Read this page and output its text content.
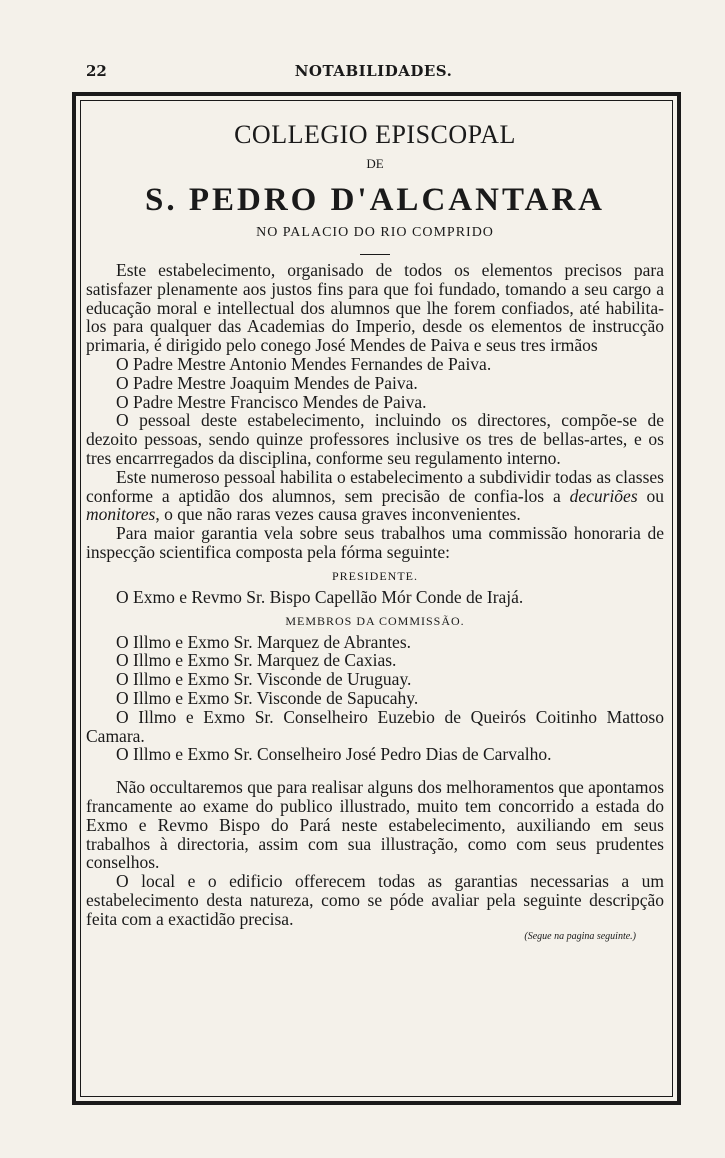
22	NOTABILIDADES.
COLLEGIO EPISCOPAL
DE
S. PEDRO D'ALCANTARA
NO PALACIO DO RIO COMPRIDO

Este estabelecimento, organisado de todos os elementos precisos para satisfazer plenamente aos justos fins para que foi fundado, tomando a seu cargo a educação moral e intellectual dos alumnos que lhe forem confiados, até habilita-los para qualquer das Academias do Imperio, desde os elementos de instrucção primaria, é dirigido pelo conego José Mendes de Paiva e seus tres irmãos

O Padre Mestre Antonio Mendes Fernandes de Paiva.

O Padre Mestre Joaquim Mendes de Paiva.

O Padre Mestre Francisco Mendes de Paiva.

O pessoal deste estabelecimento, incluindo os directores, compõe-se de dezoito pessoas, sendo quinze professores inclusive os tres de bellas-artes, e os tres encarrregados da disciplina, conforme seu regulamento interno.

Este numeroso pessoal habilita o estabelecimento a subdividir todas as classes conforme a aptidão dos alumnos, sem precisão de confia-los a decuriões ou monitores, o que não raras vezes causa graves inconvenientes.

Para maior garantia vela sobre seus trabalhos uma commissão honoraria de inspecção scientifica composta pela fórma seguinte:

PRESIDENTE.

O Exmo e Revmo Sr. Bispo Capellão Mór Conde de Irajá.

MEMBROS DA COMMISSÃO.

O Illmo e Exmo Sr. Marquez de Abrantes.

O Illmo e Exmo Sr. Marquez de Caxias.

O Illmo e Exmo Sr. Visconde de Uruguay.

O Illmo e Exmo Sr. Visconde de Sapucahy.

O Illmo e Exmo Sr. Conselheiro Euzebio de Queirós Coitinho Mattoso Camara.

O Illmo e Exmo Sr. Conselheiro José Pedro Dias de Carvalho.

Não occultaremos que para realisar alguns dos melhoramentos que apontamos francamente ao exame do publico illustrado, muito tem concorrido a estada do Exmo e Revmo Bispo do Pará neste estabelecimento, auxiliando em seus trabalhos à directoria, assim com sua illustração, como com seus prudentes conselhos.

O local e o edificio offerecem todas as garantias necessarias a um estabelecimento desta natureza, como se póde avaliar pela seguinte descripção feita com a exactidão precisa.

(Segue na pagina seguinte.)
